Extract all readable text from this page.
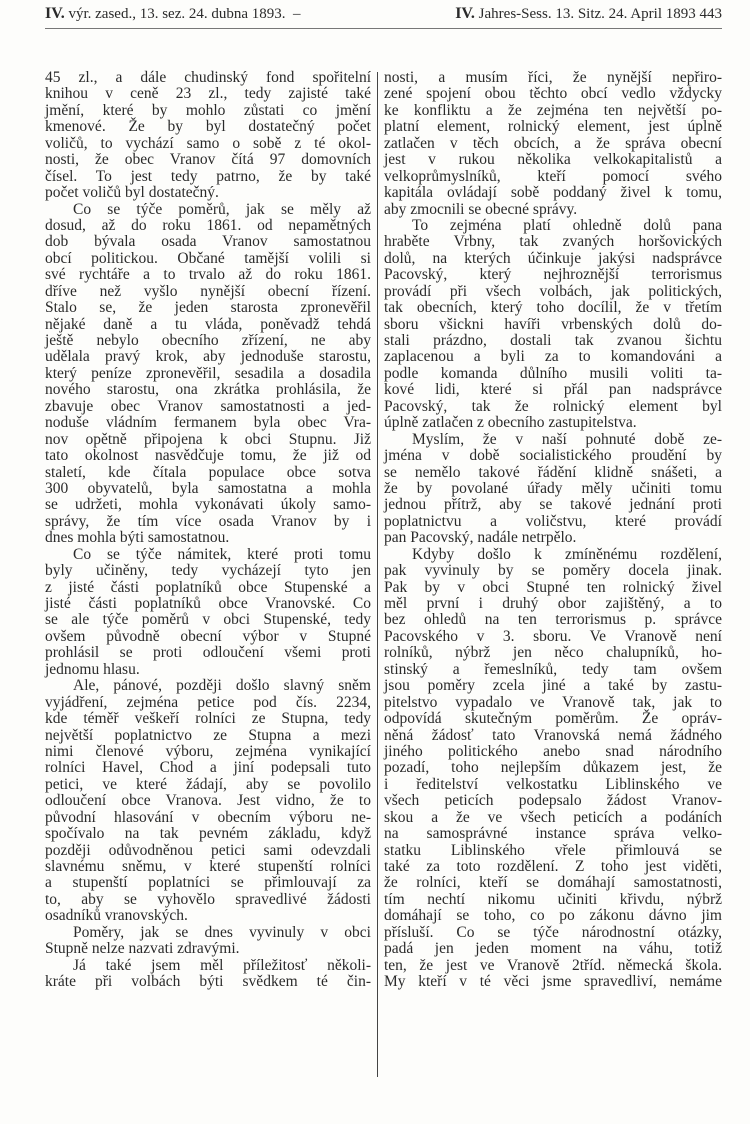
IV. výr. zased., 13. sez. 24. dubna 1893. –	IV. Jahres-Sess. 13. Sitz. 24. April 1893 443
45 zl., a dále chudinský fond spořitelní
knihou v ceně 23 zl., tedy zajisté také
jmění, které by mohlo zůstati co jmění
kmenové. Že by byl dostatečný počet
voličů, to vychází samo o sobě z té okol-
nosti, že obec Vranov čítá 97 domovních
čísel. To jest tedy patrno, že by také
počet voličů byl dostatečný.
Co se týče poměrů, jak se měly až
dosud, až do roku 1861. od nepamětných
dob bývala osada Vranov samostatnou
obcí politickou. Občané tamější volili si
své rychtáře a to trvalo až do roku 1861.
dříve než vyšlo nynější obecní řízení.
Stalo se, že jeden starosta zpronevěřil
nějaké daně a tu vláda, poněvadž tehdá
ještě nebylo obecního zřízení, ne aby
udělala pravý krok, aby jednoduše starostu,
který peníze zpronevěřil, sesadila a dosadila
nového starostu, ona zkrátka prohlásila, že
zbavuje obec Vranov samostatnosti a jed-
noduše vládním fermanem byla obec Vra-
nov opětně připojena k obci Stupnu. Již
tato okolnost nasvědčuje tomu, že již od
staletí, kde čítala populace obce sotva
300 obyvatelů, byla samostatna a mohla
se udržeti, mohla vykonávati úkoly samo-
správy, že tím více osada Vranov by i
dnes mohla býti samostatnou.
Co se týče námitek, které proti tomu
byly učiněny, tedy vycházejí tyto jen
z jisté části poplatníků obce Stupenské a
jisté části poplatníků obce Vranovské. Co
se ale týče poměrů v obci Stupenské, tedy
ovšem původně obecní výbor v Stupné
prohlásil se proti odloučení všemi proti
jednomu hlasu.
Ale, pánové, později došlo slavný sněm
vyjádření, zejména petice pod čís. 2234,
kde téměř veškeří rolníci ze Stupna, tedy
největší poplatnictvo ze Stupna a mezi
nimi členové výboru, zejména vynikající
rolníci Havel, Chod a jiní podepsali tuto
petici, ve které žádají, aby se povolilo
odloučení obce Vranova. Jest vidno, že to
původní hlasování v obecním výboru ne-
spočívalo na tak pevném základu, když
později odůvodněnou petici sami odevzdali
slavnému sněmu, v které stupenští rolníci
a stupenští poplatníci se přimlouvají za
to, aby se vyhovělo spravedlivé žádosti
osadníků vranovských.
Poměry, jak se dnes vyvinuly v obci
Stupně nelze nazvati zdravými.
Já také jsem měl příležitosť několi-
kráte při volbách býti svědkem té čin-
nosti, a musím říci, že nynější nepřiro-
zené spojení obou těchto obcí vedlo vždycky
ke konfliktu a že zejména ten největší po-
platní element, rolnický element, jest úplně
zatlačen v těch obcích, a že správa obecní
jest v rukou několika velkokapitalistů a
velkoprůmyslníků, kteří pomocí svého
kapitála ovládají sobě poddaný živel k tomu,
aby zmocnili se obecné správy.
To zejména platí ohledně dolů pana
hraběte Vrbny, tak zvaných horšovických
dolů, na kterých účinkuje jakýsi nadsprávce
Pacovský, který nejhroznější terrorismus
provádí při všech volbách, jak politických,
tak obecních, který toho docílil, že v třetím
sboru všickni havíři vrbenských dolů do-
stali prázdno, dostali tak zvanou šichtu
zaplacenou a byli za to komandováni a
podle komanda důlního musili voliti ta-
kové lidi, které si přál pan nadsprávce
Pacovský, tak že rolnický element byl
úplně zatlačen z obecního zastupitelstva.
Myslím, že v naší pohnuté době ze-
jména v době socialistického proudění by
se nemělo takové řádění klidně snášeti, a
že by povolané úřady měly učiniti tomu
jednou přítrž, aby se takové jednání proti
poplatnictvu a voličstvu, které provádí
pan Pacovský, nadále netrpělo.
Kdyby došlo k zmíněnému rozdělení,
pak vyvinuly by se poměry docela jinak.
Pak by v obci Stupné ten rolnický živel
měl první i druhý obor zajištěný, a to
bez ohledů na ten terrorismus p. správce
Pacovského v 3. sboru. Ve Vranově není
rolníků, nýbrž jen něco chalupníků, ho-
stinský a řemeslníků, tedy tam ovšem
jsou poměry zcela jiné a také by zastu-
pitelstvo vypadalo ve Vranově tak, jak to
odpovídá skutečným poměrům. Že opráv-
něná žádosť tato Vranovská nemá žádného
jiného politického anebo snad národního
pozadí, toho nejlepším důkazem jest, že
i ředitelství velkostatku Liblinského ve
všech peticích podepsalo žádost Vranov-
skou a že ve všech peticích a podáních
na samosprávné instance správa velko-
statku Liblinského vřele přimlouvá se
také za toto rozdělení. Z toho jest viděti,
že rolníci, kteří se domáhají samostatnosti,
tím nechtí nikomu učiniti křivdu, nýbrž
domáhají se toho, co po zákonu dávno jim
přísluší. Co se týče národnostní otázky,
padá jen jeden moment na váhu, totiž
ten, že jest ve Vranově 2tříd. německá škola.
My kteří v té věci jsme spravedliví, nemáme
